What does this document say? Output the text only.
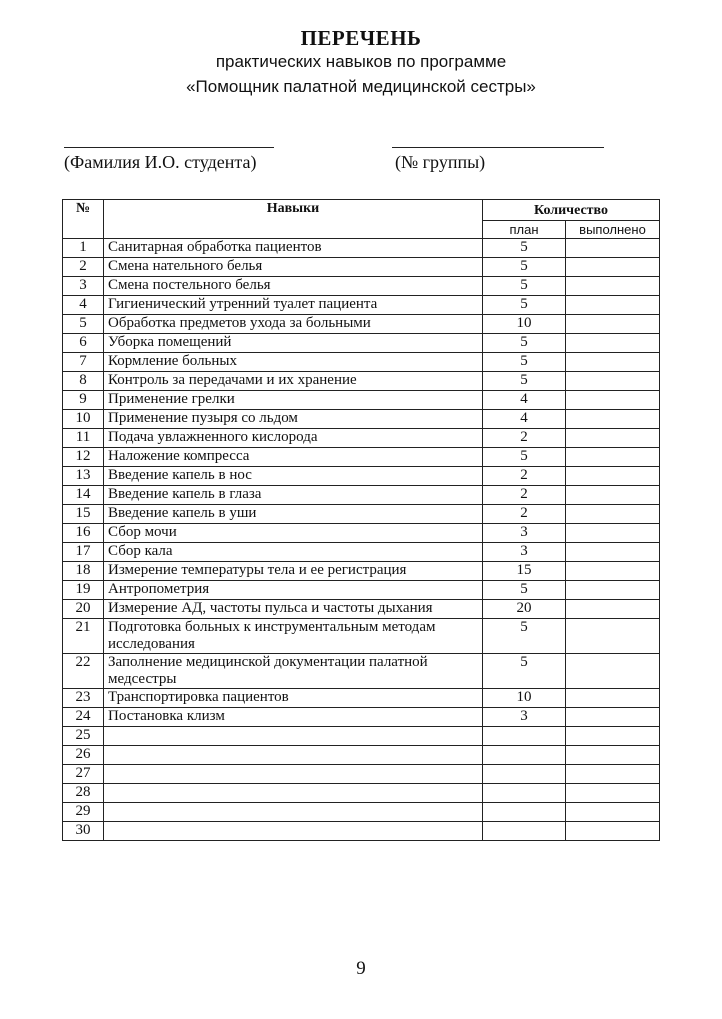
ПЕРЕЧЕНЬ
практических навыков по программе
«Помощник палатной медицинской сестры»
(Фамилия И.О. студента)	(№ группы)
№	Навыки	Количество	
		план	выполнено
1	Санитарная обработка пациентов	5	
2	Смена нательного белья	5	
3	Смена постельного белья	5	
4	Гигиенический утренний туалет пациента	5	
5	Обработка предметов ухода за больными	10	
6	Уборка помещений	5	
7	Кормление больных	5	
8	Контроль за передачами и их хранение	5	
9	Применение грелки	4	
10	Применение пузыря со льдом	4	
11	Подача увлажненного кислорода	2	
12	Наложение компресса	5	
13	Введение капель в нос	2	
14	Введение капель в глаза	2	
15	Введение капель в уши	2	
16	Сбор мочи	3	
17	Сбор кала	3	
18	Измерение температуры тела и ее регистрация	15	
19	Антропометрия	5	
20	Измерение АД, частоты пульса и частоты дыхания	20	
21	Подготовка больных к инструментальным методам исследования	5	
22	Заполнение медицинской документации палатной медсестры	5	
23	Транспортировка пациентов	10	
24	Постановка клизм	3	
25			
26			
27			
28			
29			
30			
9
